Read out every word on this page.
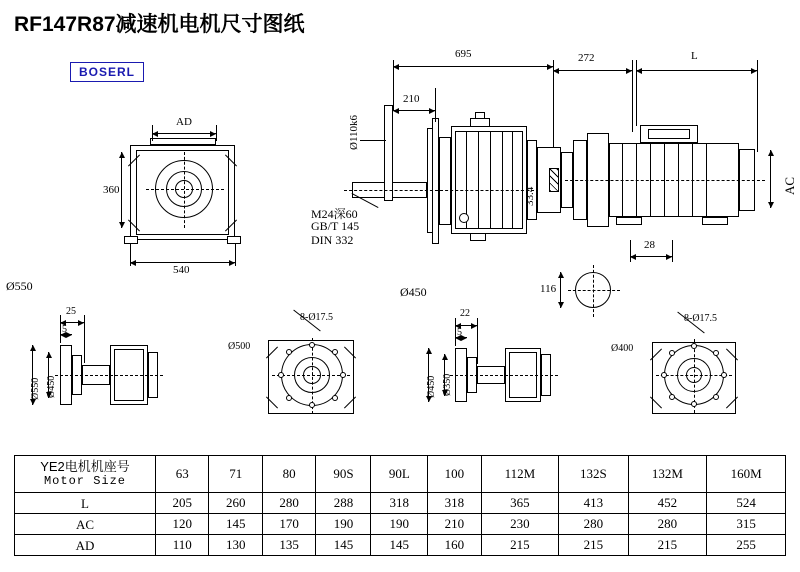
RF147R87减速机电机尺寸图纸
BOSERL
AD
360
540
695
210
272	L
Ø110k6
33.4
AC
M24深60
GB/T 145
DIN 332	28
116
Ø550	Ø450
25
5
Ø550 Ø450
Ø500
8-Ø17.5	22
5
Ø450 Ø350
Ø400
8-Ø17.5
YE2电机机座号
Motor Size	63	71	80	90S	90L	100	112M	132S	132M	160M
L	205	260	280	288	318	318	365	413	452	524
AC	120	145	170	190	190	210	230	280	280	315
AD	110	130	135	145	145	160	215	215	215	255
